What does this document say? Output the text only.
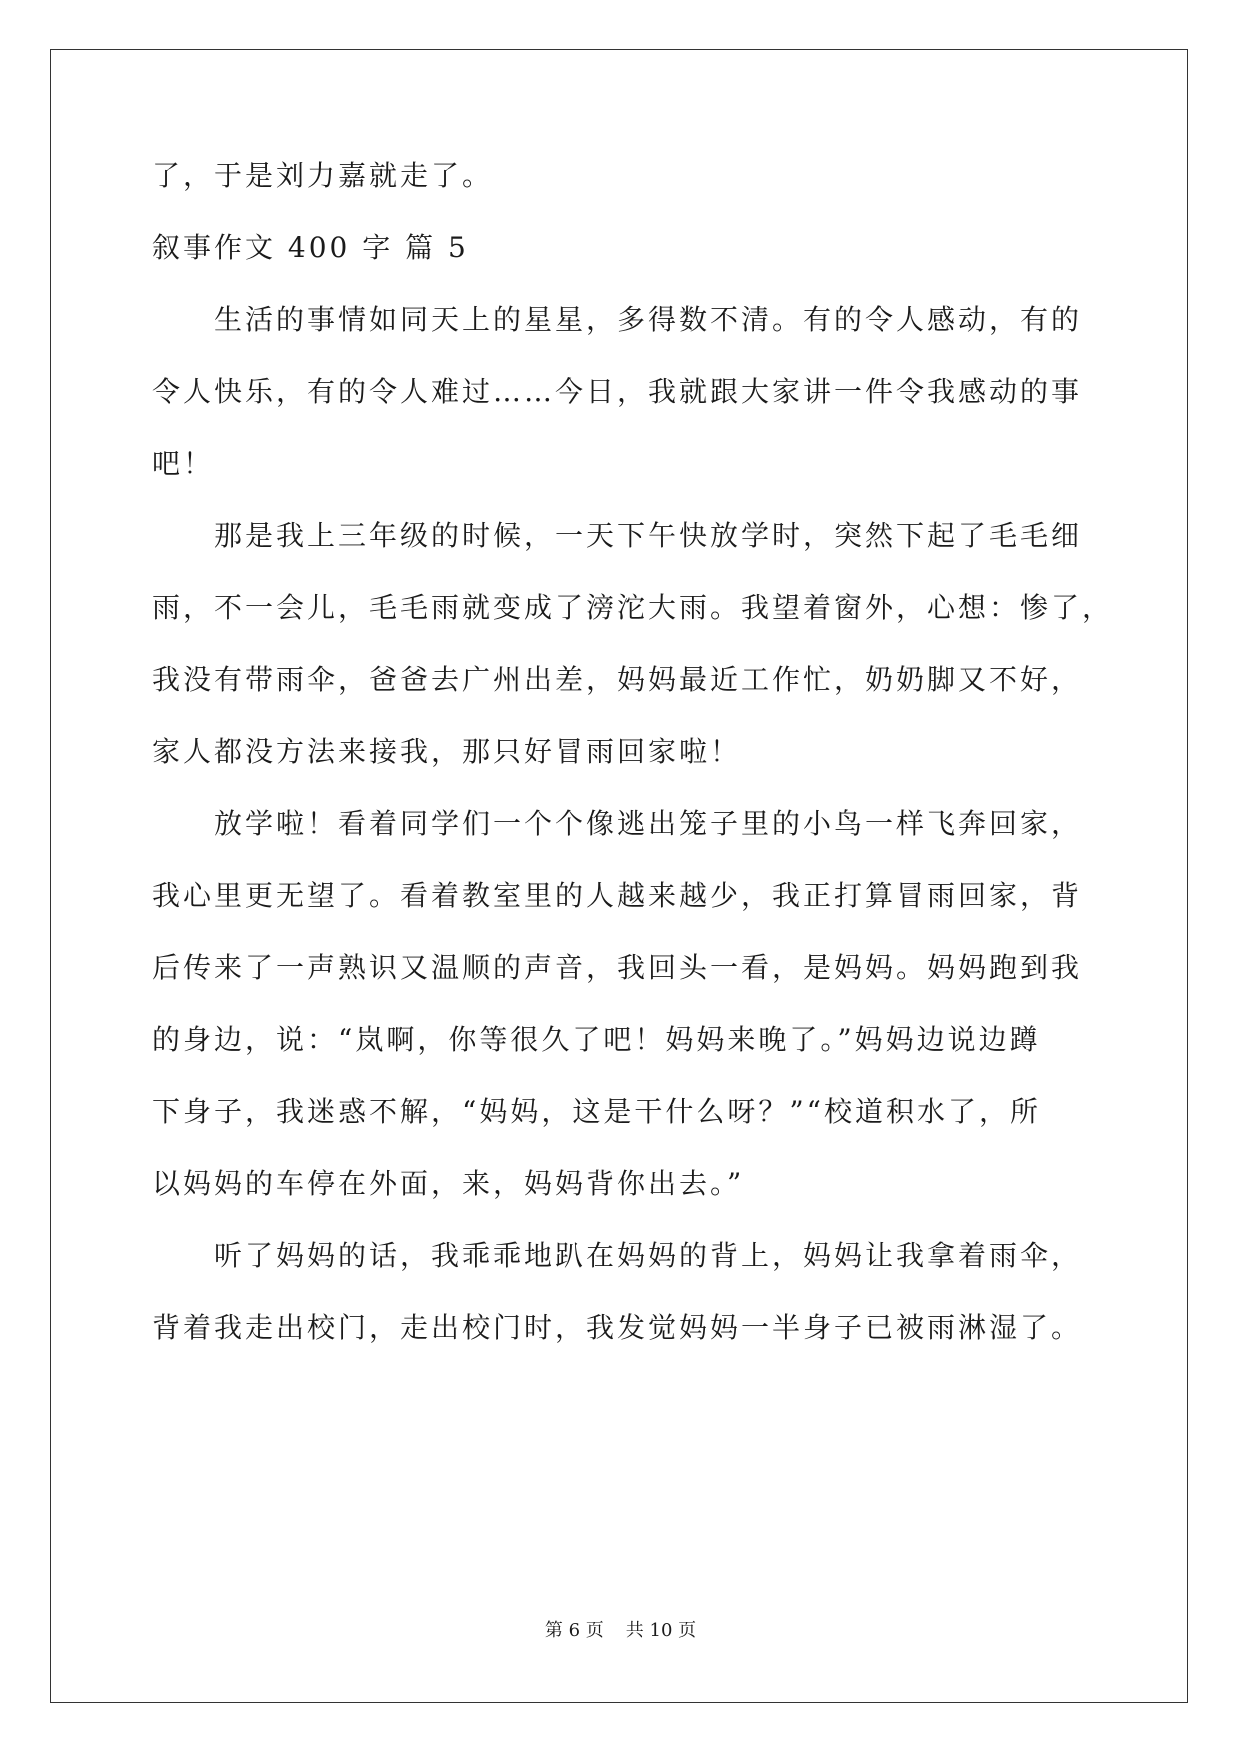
了，于是刘力嘉就走了。
叙事作文 400 字 篇 5
　　生活的事情如同天上的星星，多得数不清。有的令人感动，有的
令人快乐，有的令人难过……今日，我就跟大家讲一件令我感动的事
吧！
　　那是我上三年级的时候，一天下午快放学时，突然下起了毛毛细
雨，不一会儿，毛毛雨就变成了滂沱大雨。我望着窗外，心想：惨了，
我没有带雨伞，爸爸去广州出差，妈妈最近工作忙，奶奶脚又不好，
家人都没方法来接我，那只好冒雨回家啦！
　　放学啦！看着同学们一个个像逃出笼子里的小鸟一样飞奔回家，
我心里更无望了。看着教室里的人越来越少，我正打算冒雨回家，背
后传来了一声熟识又温顺的声音，我回头一看，是妈妈。妈妈跑到我
的身边，说：“岚啊，你等很久了吧！妈妈来晚了。”妈妈边说边蹲
下身子，我迷惑不解，“妈妈，这是干什么呀？”“校道积水了，所
以妈妈的车停在外面，来，妈妈背你出去。”
　　听了妈妈的话，我乖乖地趴在妈妈的背上，妈妈让我拿着雨伞，
背着我走出校门，走出校门时，我发觉妈妈一半身子已被雨淋湿了。
第 6 页 共 10 页
